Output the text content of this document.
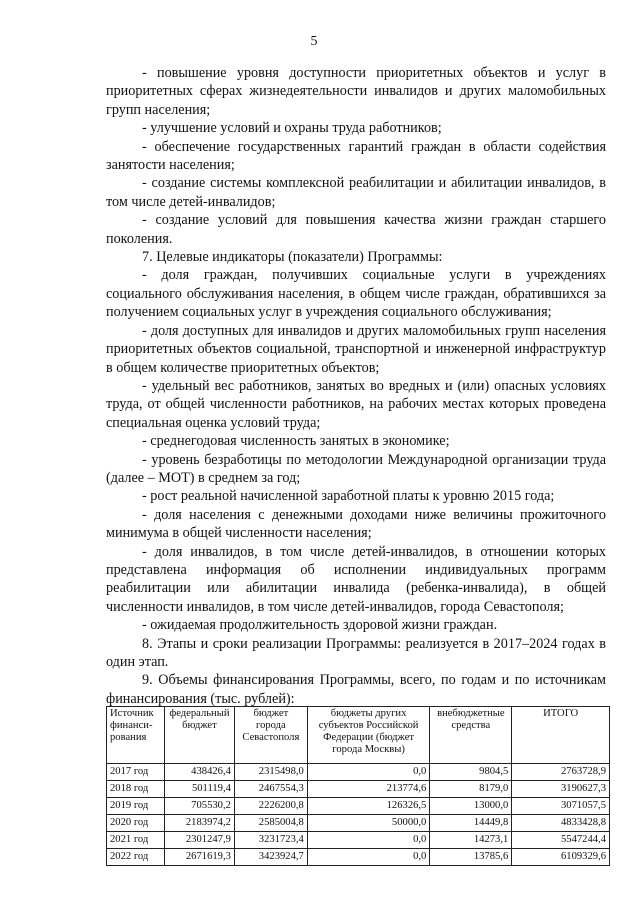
5

- повышение уровня доступности приоритетных объектов и услуг в приоритетных сферах жизнедеятельности инвалидов и других маломобильных групп населения;

- улучшение условий и охраны труда работников;

- обеспечение государственных гарантий граждан в области содействия занятости населения;

- создание системы комплексной реабилитации и абилитации инвалидов, в том числе детей-инвалидов;

- создание условий для повышения качества жизни граждан старшего поколения.

7. Целевые индикаторы (показатели) Программы:

- доля граждан, получивших социальные услуги в учреждениях социального обслуживания населения, в общем числе граждан, обратившихся за получением социальных услуг в учреждения социального обслуживания;

- доля доступных для инвалидов и других маломобильных групп населения приоритетных объектов социальной, транспортной и инженерной инфраструктур в общем количестве приоритетных объектов;

- удельный вес работников, занятых во вредных и (или) опасных условиях труда, от общей численности работников, на рабочих местах которых проведена специальная оценка условий труда;

- среднегодовая численность занятых в экономике;

- уровень безработицы по методологии Международной организации труда (далее – МОТ) в среднем за год;

- рост реальной начисленной заработной платы к уровню 2015 года;

- доля населения с денежными доходами ниже величины прожиточного минимума в общей численности населения;

- доля инвалидов, в том числе детей-инвалидов, в отношении которых представлена информация об исполнении индивидуальных программ реабилитации или абилитации инвалида (ребенка-инвалида), в общей численности инвалидов, в том числе детей-инвалидов, города Севастополя;

- ожидаемая продолжительность здоровой жизни граждан.

8. Этапы и сроки реализации Программы: реализуется в 2017–2024 годах в один этап.

9. Объемы финансирования Программы, всего, по годам и по источникам финансирования (тыс. рублей):

Источник финанси-рования	федеральный бюджет	бюджет города Севастополя	бюджеты других субъектов Российской Федерации (бюджет города Москвы)	внебюджетные средства	ИТОГО
2017 год	438426,4	2315498,0	0,0	9804,5	2763728,9
2018 год	501119,4	2467554,3	213774,6	8179,0	3190627,3
2019 год	705530,2	2226200,8	126326,5	13000,0	3071057,5
2020 год	2183974,2	2585004,8	50000,0	14449,8	4833428,8
2021 год	2301247,9	3231723,4	0,0	14273,1	5547244,4
2022 год	2671619,3	3423924,7	0,0	13785,6	6109329,6
